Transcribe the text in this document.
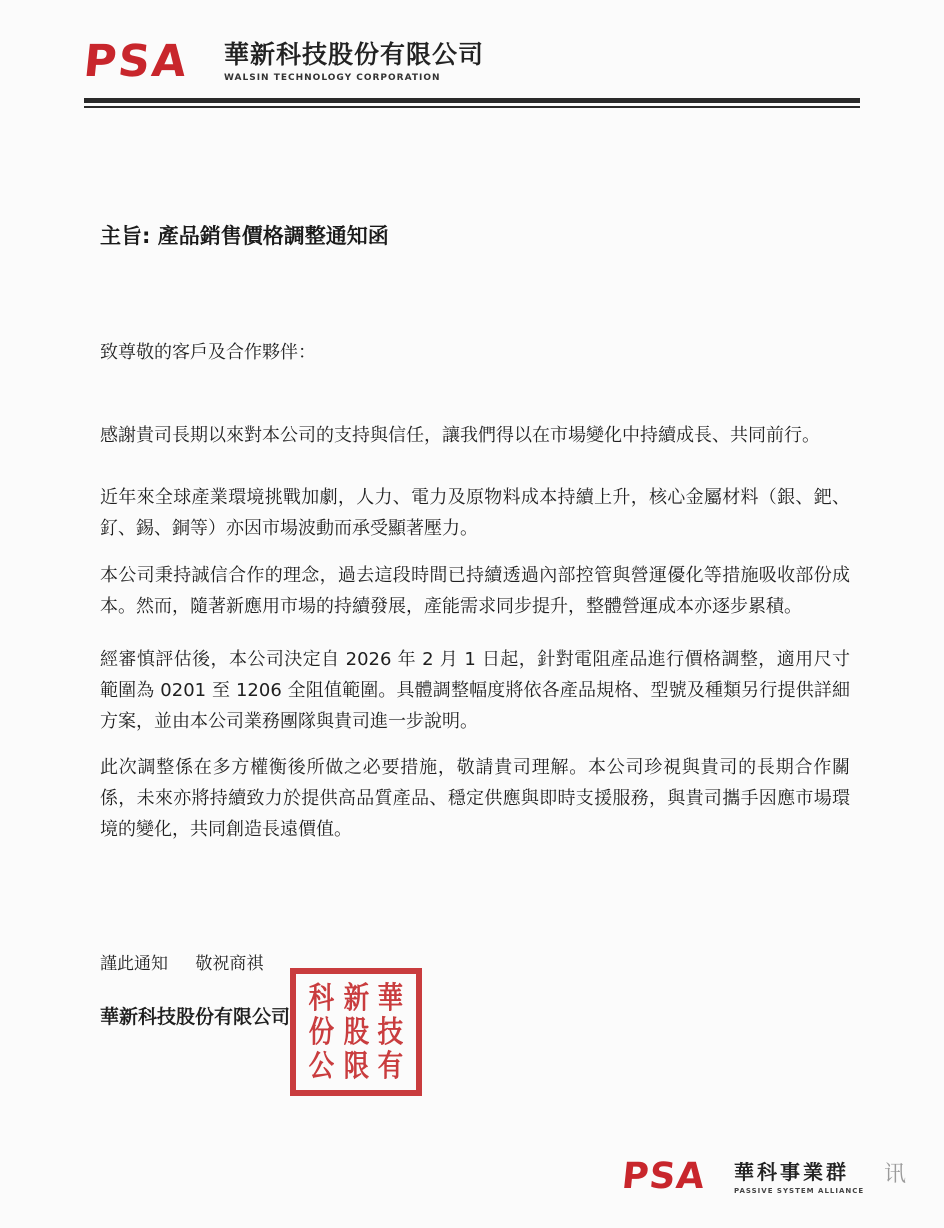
PSA 華新科技股份有限公司
WALSIN TECHNOLOGY CORPORATION
主旨: 產品銷售價格調整通知函
致尊敬的客戶及合作夥伴：
感謝貴司長期以來對本公司的支持與信任，讓我們得以在市場變化中持續成長、共同前行。
近年來全球產業環境挑戰加劇，人力、電力及原物料成本持續上升，核心金屬材料（銀、鈀、釕、錫、銅等）亦因市場波動而承受顯著壓力。
本公司秉持誠信合作的理念，過去這段時間已持續透過內部控管與營運優化等措施吸收部份成本。然而，隨著新應用市場的持續發展，產能需求同步提升，整體營運成本亦逐步累積。
經審慎評估後，本公司決定自 2026 年 2 月 1 日起，針對電阻產品進行價格調整，適用尺寸範圍為 0201 至 1206 全阻值範圍。具體調整幅度將依各產品規格、型號及種類另行提供詳細方案，並由本公司業務團隊與貴司進一步說明。
此次調整係在多方權衡後所做之必要措施，敬請貴司理解。本公司珍視與貴司的長期合作關係，未來亦將持續致力於提供高品質產品、穩定供應與即時支援服務，與貴司攜手因應市場環境的變化，共同創造長遠價值。
謹此通知 敬祝商祺
華新科技股份有限公司
華
新
科
技
股
份
有
限
公
PSA 華科事業群
PASSIVE SYSTEM ALLIANCE
讯
